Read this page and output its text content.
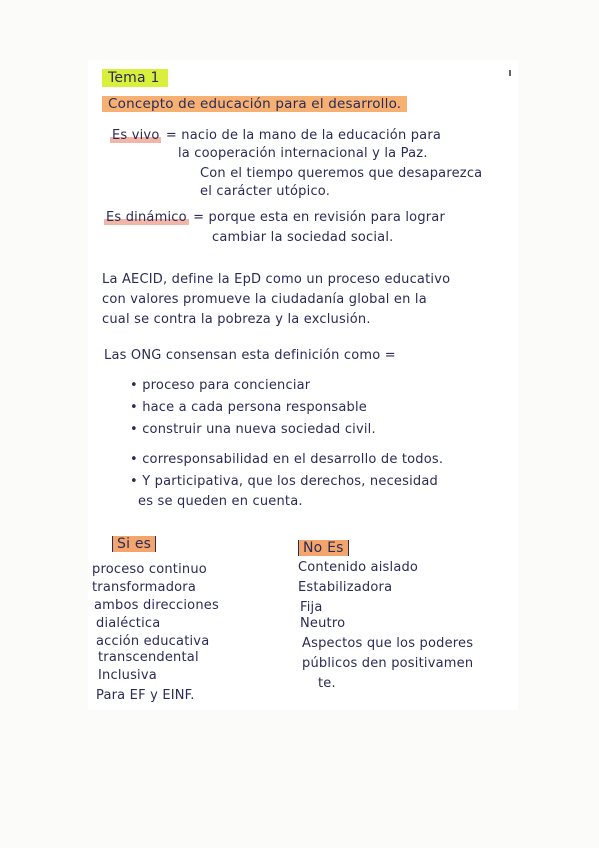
Tema 1
Concepto de educación para el desarrollo.
Es vivo = nacio de la mano de la educación para
la cooperación internacional y la Paz.
Con el tiempo queremos que desaparezca
el carácter utópico.
Es dinámico = porque esta en revisión para lograr
cambiar la sociedad social.
La AECID, define la EpD como un proceso educativo
con valores promueve la ciudadanía global en la
cual se contra la pobreza y la exclusión.
Las ONG consensan esta definición como =
• proceso para concienciar
• hace a cada persona responsable
• construir una nueva sociedad civil.
• corresponsabilidad en el desarrollo de todos.
• Y participativa, que los derechos, necesidad
es se queden en cuenta.
Si es
proceso continuo
transformadora
ambos direcciones
dialéctica
acción educativa
transcendental
Inclusiva
Para EF y EINF.
No Es
Contenido aislado
Estabilizadora
Fija
Neutro
Aspectos que los poderes
públicos den positivamen
te.
